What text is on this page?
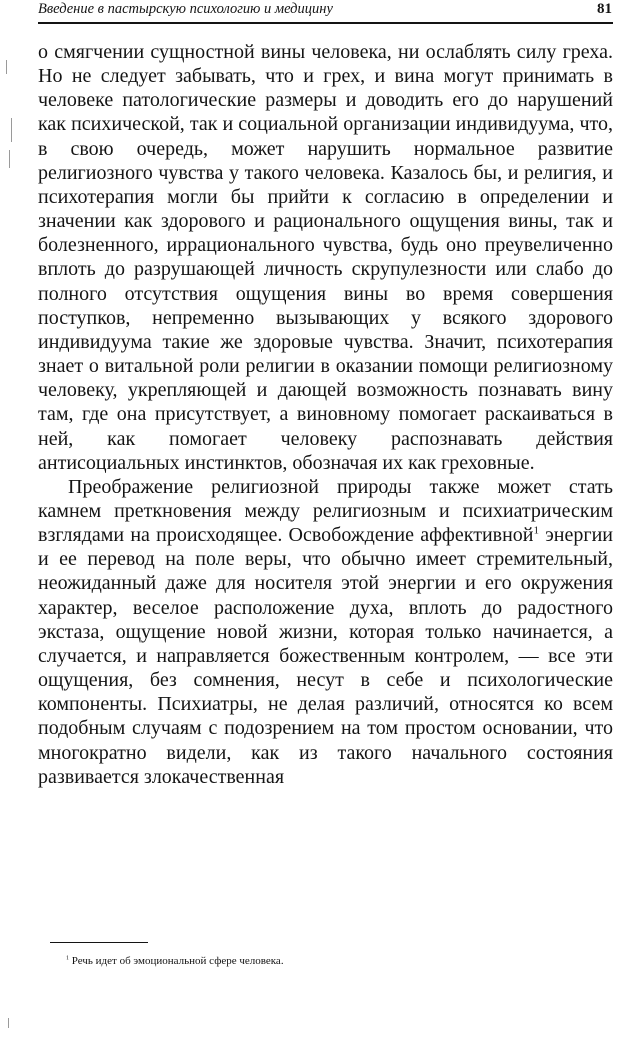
Введение в пастырскую психологию и медицину	81

о смягчении сущностной вины человека, ни ослаблять силу греха. Но не следует забывать, что и грех, и вина могут принимать в человеке патологические размеры и доводить его до нарушений как психической, так и социальной организации индивидуума, что, в свою очередь, может нарушить нормальное развитие религиозного чувства у такого человека. Казалось бы, и религия, и психотерапия могли бы прийти к согласию в определении и значении как здорового и рационального ощущения вины, так и болезненного, иррационального чувства, будь оно преувеличенно вплоть до разрушающей личность скрупулезности или слабо до полного отсутствия ощущения вины во время совершения поступков, непременно вызывающих у всякого здорового индивидуума такие же здоровые чувства. Значит, психотерапия знает о витальной роли религии в оказании помощи религиозному человеку, укрепляющей и дающей возможность познавать вину там, где она присутствует, а виновному помогает раскаиваться в ней, как помогает человеку распознавать действия антисоциальных инстинктов, обозначая их как греховные.

Преображение религиозной природы также может стать камнем преткновения между религиозным и психиатрическим взглядами на происходящее. Освобождение аффективной$^1$ энергии и ее перевод на поле веры, что обычно имеет стремительный, неожиданный даже для носителя этой энергии и его окружения характер, веселое расположение духа, вплоть до радостного экстаза, ощущение новой жизни, которая только начинается, а случается, и направляется божественным контролем, — все эти ощущения, без сомнения, несут в себе и психологические компоненты. Психиатры, не делая различий, относятся ко всем подобным случаям с подозрением на том простом основании, что многократно видели, как из такого начального состояния развивается злокачественная

$^1$ Речь идет об эмоциональной сфере человека.
